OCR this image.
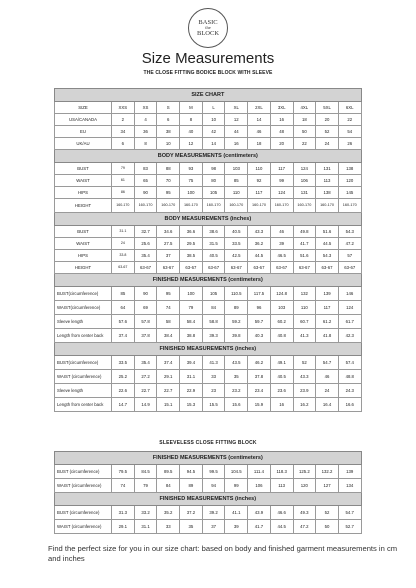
BASIC
the
BLOCK
Size Measurements
THE CLOSE FITTING BODICE BLOCK WITH SLEEVE
SIZE CHART											
SIZE	XXS	XS	S	M	L	XL	2XL	3XL	4XL	5XL	6XL
USA/CANADA	2	4	6	8	10	12	14	16	18	20	22
EU	34	36	38	40	42	44	46	48	50	52	54
UK/AU	6	8	10	12	14	16	18	20	22	24	26
BODY MEASUREMENTS (centimeters)											
BUST	79	83	88	93	98	103	110	117	124	131	138
WAIST	61	65	70	75	80	85	92	99	106	113	120
HIPS	86	90	95	100	105	110	117	124	131	138	145
HEIGHT	160-170	160-170	160-170	160-170	160-170	160-170	160-170	160-170	160-170	160-170	160-170
BODY MEASUREMENTS (inches)											
BUST	31.1	32.7	34.6	36.6	38.6	40.5	43.3	46	49.8	51.6	54.3
WAIST	24	25.6	27.5	29.5	31.5	33.5	36.2	39	41.7	44.5	47.2
HIPS	33.8	35.4	37	38.5	40.5	42.5	44.5	46.5	51.6	54.3	57
HEIGHT	63-67	63-67	63-67	63-67	63-67	63-67	63-67	63-67	63-67	63-67	63-67
FINISHED MEASUREMENTS (centimeters)											
BUST(circumference)	85	90	95	100	105	110.5	117.5	124.8	132	139	146
WAIST(circumference)	64	69	74	79	84	89	96	103	110	117	124
Sleeve length	57.6	57.8	58	58.4	58.8	59.2	59.7	60.2	60.7	61.2	61.7
Length from center back	37.4	37.8	38.4	38.8	39.3	39.8	40.3	40.8	41.3	41.8	42.3
FINISHED MEASUREMENTS (inches)											
BUST(circumference)	33.5	35.4	37.4	39.4	41.3	43.5	46.2	49.1	52	54.7	57.4
WAIST (circumference)	25.2	27.2	29.1	31.1	33	35	37.8	40.5	43.3	46	48.8
Sleeve length	22.6	22.7	22.7	22.9	23	23.2	23.4	23.6	23.9	24	24.3
Length from center back	14.7	14.9	15.1	15.3	15.5	15.6	15.9	16	16.2	16.4	16.6
SLEEVELESS CLOSE FITTING BLOCK
FINISHED MEASUREMENTS (centimeters)											
BUST (circumference)	79.5	84.5	89.5	94.5	99.5	104.5	111.4	118.3	125.2	132.2	139
WAIST (circumference)	74	79	84	89	94	99	106	113	120	127	134
FINISHED MEASUREMENTS (inches)											
BUST (circumference)	31.3	33.2	35.2	37.2	39.2	41.1	43.9	46.6	49.3	52	54.7
WAIST (circumference)	29.1	31.1	33	35	37	39	41.7	44.5	47.2	50	52.7
Find the perfect size for you in our size chart: based on body and finished garment measurements in cm and inches
